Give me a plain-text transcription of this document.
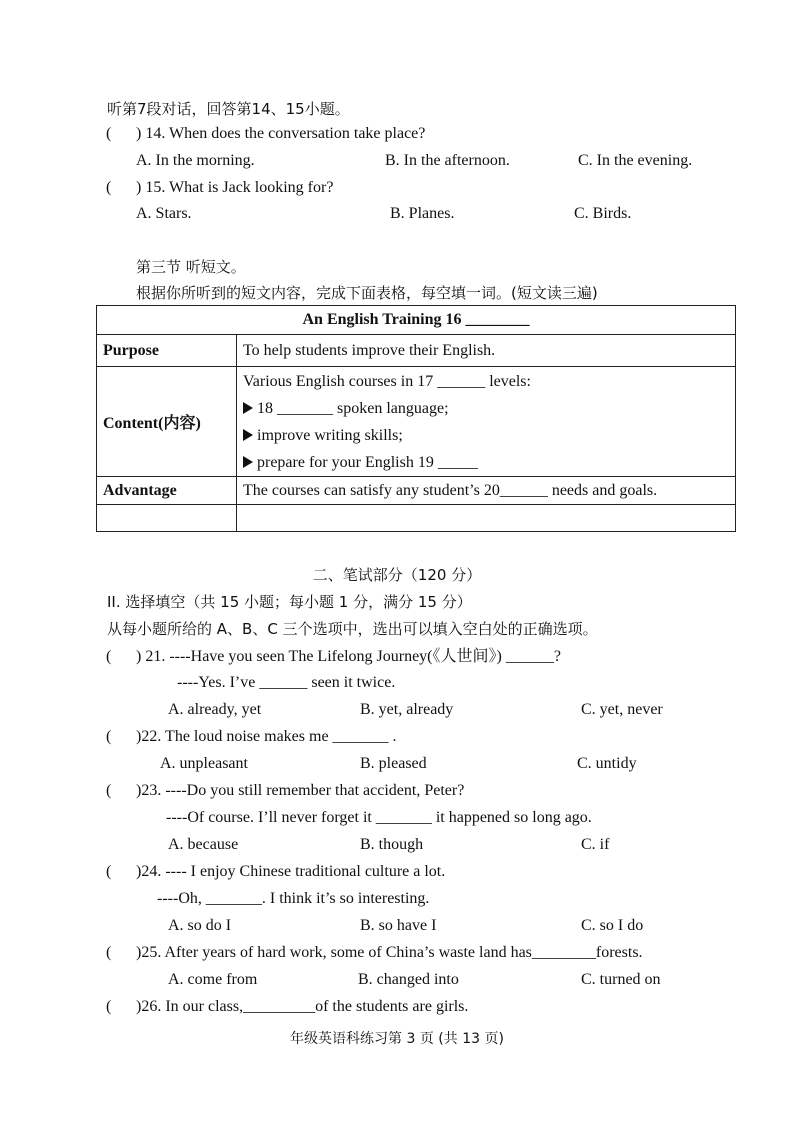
听第7段对话，回答第14、15小题。
( ) 14. When does the conversation take place?
A. In the morning.	B. In the afternoon.	C. In the evening.
( ) 15. What is Jack looking for?
A. Stars.	B. Planes.	C. Birds.
第三节 听短文。
根据你所听到的短文内容，完成下面表格，每空填一词。(短文读三遍)
An English Training 16 ________	
Purpose	To help students improve their English.
Content(内容)	Various English courses in 17 ______ levels:
18 _______ spoken language;
improve writing skills;
prepare for your English 19 _____

Advantage	The courses can satisfy any student’s 20______ needs and goals.

二、笔试部分（120 分）
II. 选择填空（共 15 小题；每小题 1 分，满分 15 分）
从每小题所给的 A、B、C 三个选项中，选出可以填入空白处的正确选项。
( ) 21. ----Have you seen The Lifelong Journey(《人世间》) ______?
----Yes. I’ve ______ seen it twice.
A. already, yet	B. yet, already	C. yet, never
( )22. The loud noise makes me _______ .
A. unpleasant	B. pleased	C. untidy
( )23. ----Do you still remember that accident, Peter?
----Of course. I’ll never forget it _______ it happened so long ago.
A. because	B. though	C. if
( )24. ---- I enjoy Chinese traditional culture a lot.
----Oh, _______. I think it’s so interesting.
A. so do I	B. so have I	C. so I do
( )25. After years of hard work, some of China’s waste land has________forests.
A. come from	B. changed into	C. turned on
( )26. In our class,_________of the students are girls.
年级英语科练习第 3 页 (共 13 页)
